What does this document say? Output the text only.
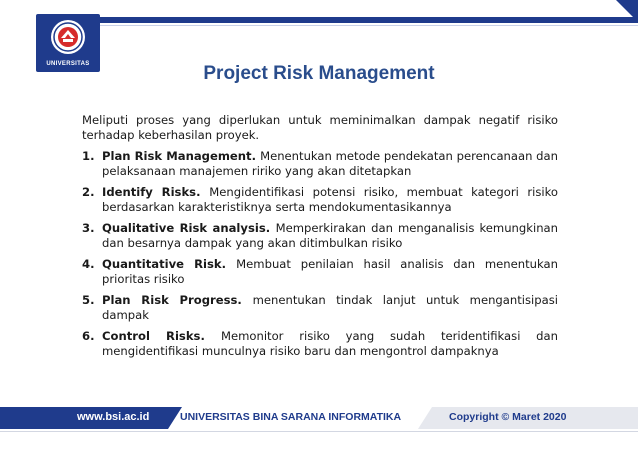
UNIVERSITAS	Project Risk Management

Meliputi proses yang diperlukan untuk meminimalkan dampak negatif risiko terhadap keberhasilan proyek.

1. Plan Risk Management. Menentukan metode pendekatan perencanaan dan pelaksanaan manajemen ririko yang akan ditetapkan
2. Identify Risks. Mengidentifikasi potensi risiko, membuat kategori risiko berdasarkan karakteristiknya serta mendokumentasikannya
3. Qualitative Risk analysis. Memperkirakan dan menganalisis kemungkinan dan besarnya dampak yang akan ditimbulkan risiko
4. Quantitative Risk. Membuat penilaian hasil analisis dan menentukan prioritas risiko
5. Plan Risk Progress. menentukan tindak lanjut untuk mengantisipasi dampak
6. Control Risks. Memonitor risiko yang sudah teridentifikasi dan mengidentifikasi munculnya risiko baru dan mengontrol dampaknya
www.bsi.ac.id	UNIVERSITAS BINA SARANA INFORMATIKA	Copyright © Maret 2020
